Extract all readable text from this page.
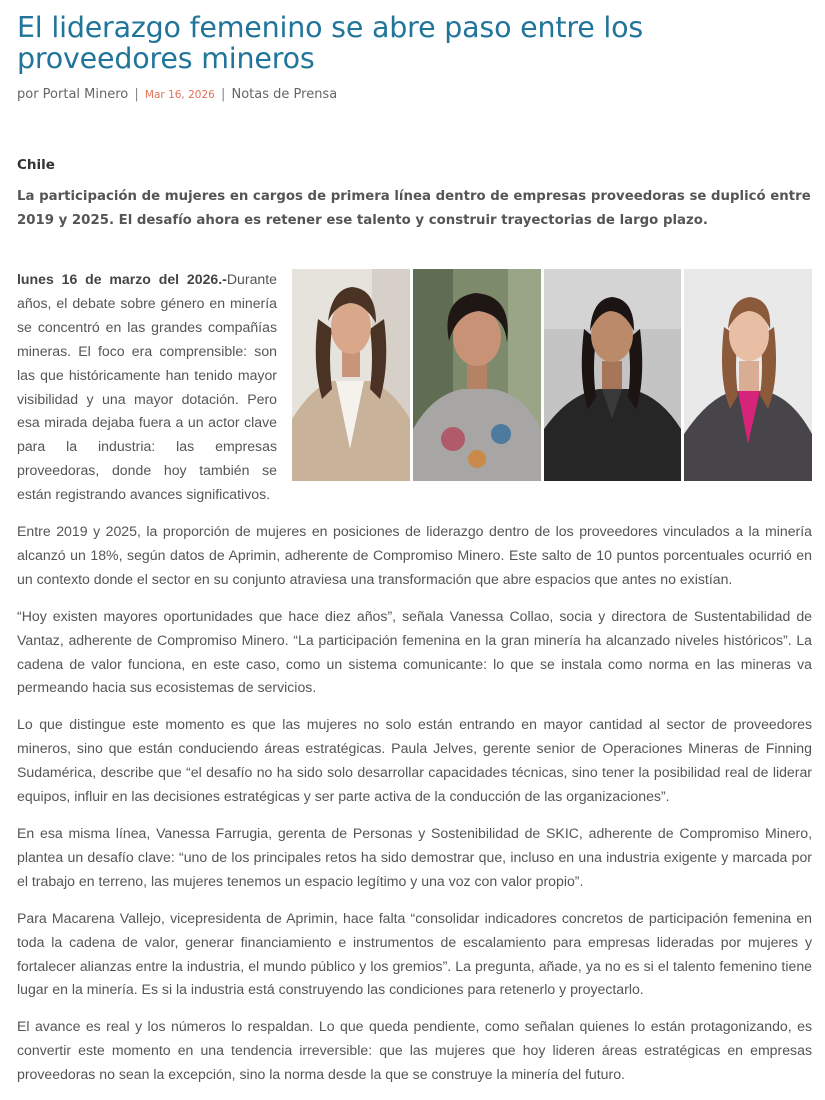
El liderazgo femenino se abre paso entre los proveedores mineros
por Portal Minero | Mar 16, 2026 | Notas de Prensa
Chile

La participación de mujeres en cargos de primera línea dentro de empresas proveedoras se duplicó entre 2019 y 2025. El desafío ahora es retener ese talento y construir trayectorias de largo plazo.

lunes 16 de marzo del 2026.-Durante años, el debate sobre género en minería se concentró en las grandes compañías mineras. El foco era comprensible: son las que históricamente han tenido mayor visibilidad y una mayor dotación. Pero esa mirada dejaba fuera a un actor clave para la industria: las empresas proveedoras, donde hoy también se están registrando avances significativos.

Entre 2019 y 2025, la proporción de mujeres en posiciones de liderazgo dentro de los proveedores vinculados a la minería alcanzó un 18%, según datos de Aprimin, adherente de Compromiso Minero. Este salto de 10 puntos porcentuales ocurrió en un contexto donde el sector en su conjunto atraviesa una transformación que abre espacios que antes no existían.

“Hoy existen mayores oportunidades que hace diez años”, señala Vanessa Collao, socia y directora de Sustentabilidad de Vantaz, adherente de Compromiso Minero. “La participación femenina en la gran minería ha alcanzado niveles históricos”. La cadena de valor funciona, en este caso, como un sistema comunicante: lo que se instala como norma en las mineras va permeando hacia sus ecosistemas de servicios.

Lo que distingue este momento es que las mujeres no solo están entrando en mayor cantidad al sector de proveedores mineros, sino que están conduciendo áreas estratégicas. Paula Jelves, gerente senior de Operaciones Mineras de Finning Sudamérica, describe que “el desafío no ha sido solo desarrollar capacidades técnicas, sino tener la posibilidad real de liderar equipos, influir en las decisiones estratégicas y ser parte activa de la conducción de las organizaciones”.

En esa misma línea, Vanessa Farrugia, gerenta de Personas y Sostenibilidad de SKIC, adherente de Compromiso Minero, plantea un desafío clave: “uno de los principales retos ha sido demostrar que, incluso en una industria exigente y marcada por el trabajo en terreno, las mujeres tenemos un espacio legítimo y una voz con valor propio”.

Para Macarena Vallejo, vicepresidenta de Aprimin, hace falta “consolidar indicadores concretos de participación femenina en toda la cadena de valor, generar financiamiento e instrumentos de escalamiento para empresas lideradas por mujeres y fortalecer alianzas entre la industria, el mundo público y los gremios”. La pregunta, añade, ya no es si el talento femenino tiene lugar en la minería. Es si la industria está construyendo las condiciones para retenerlo y proyectarlo.

El avance es real y los números lo respaldan. Lo que queda pendiente, como señalan quienes lo están protagonizando, es convertir este momento en una tendencia irreversible: que las mujeres que hoy lideren áreas estratégicas en empresas proveedoras no sean la excepción, sino la norma desde la que se construye la minería del futuro.
